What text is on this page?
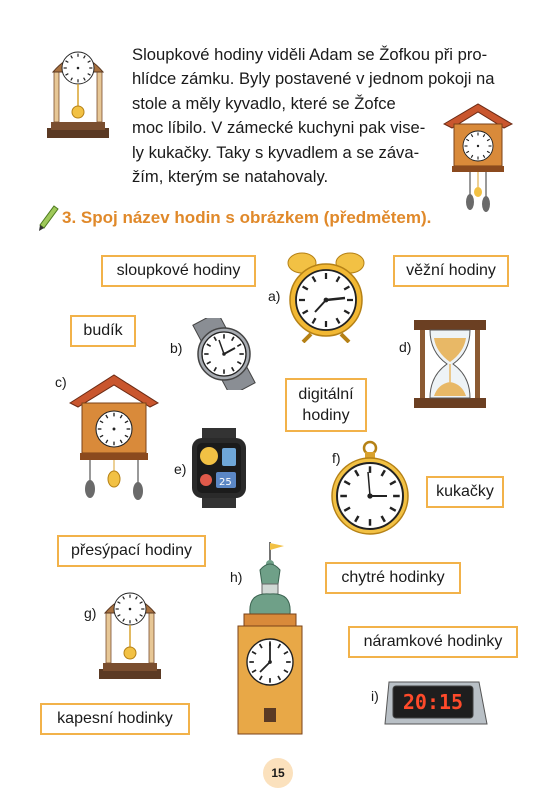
Sloupkové hodiny viděli Adam se Žofkou při pro-
hlídce zámku. Byly postavené v jednom pokoji na
stole a měly kyvadlo, které se Žofce
moc líbilo. V zámecké kuchyni pak vise-
ly kukačky. Taky s kyvadlem a se záva-
žím, kterým se natahovaly.
3. Spoj název hodin s obrázkem (předmětem).
sloupkové hodiny	věžní hodiny
budík
digitální
hodiny
kukačky
přesýpací hodiny
chytré hodinky
náramkové hodinky
kapesní hodinky
a)
b)
c)
d)
e)
25
f)
g)
h)
i) 20:15
15
